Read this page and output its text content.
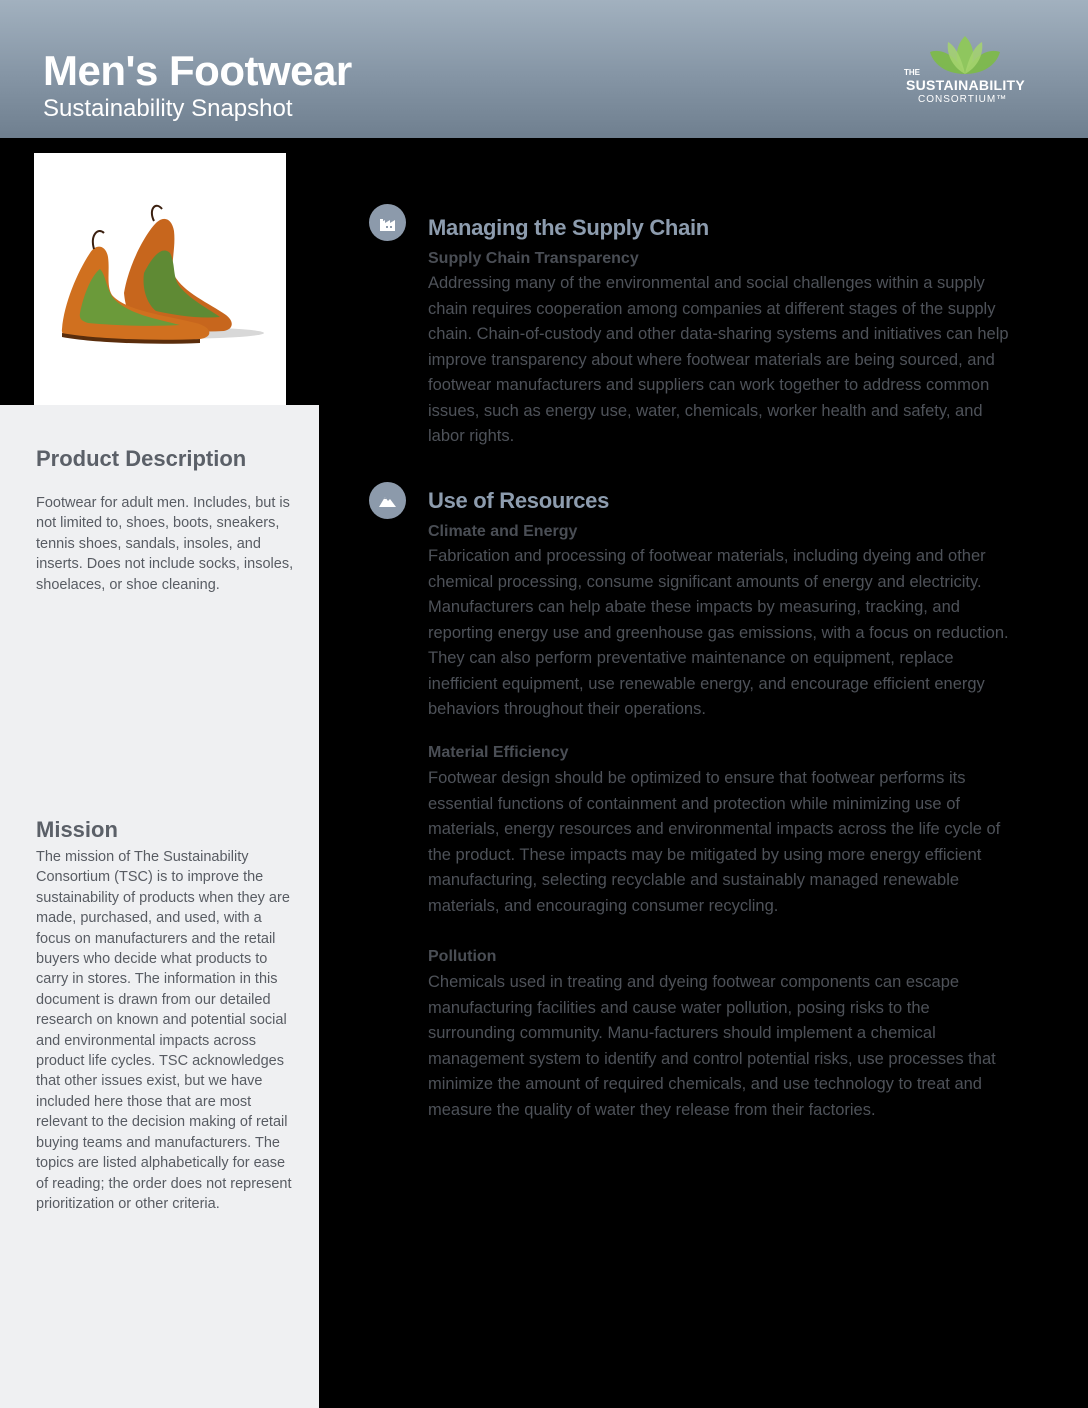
Men's Footwear
Sustainability Snapshot
THE
SUSTAINABILITY
CONSORTIUM™
Product Description

Footwear for adult men. Includes, but is not limited to, shoes, boots, sneakers, tennis shoes, sandals, insoles, and inserts. Does not include socks, insoles, shoelaces, or shoe cleaning.

Mission

The mission of The Sustainability Consortium (TSC) is to improve the sustainability of products when they are made, purchased, and used, with a focus on manufacturers and the retail buyers who decide what products to carry in stores. The information in this document is drawn from our detailed research on known and potential social and environmental impacts across product life cycles. TSC acknowledges that other issues exist, but we have included here those that are most relevant to the decision making of retail buying teams and manufacturers. The topics are listed alphabetically for ease of reading; the order does not represent prioritization or other criteria.

Managing the Supply Chain
Supply Chain Transparency

Addressing many of the environmental and social challenges within a supply chain requires cooperation among companies at different stages of the supply chain. Chain-of-custody and other data-sharing systems and initiatives can help improve transparency about where footwear materials are being sourced, and footwear manufacturers and suppliers can work together to address common issues, such as energy use, water, chemicals, worker health and safety, and labor rights.

Use of Resources
Climate and Energy

Fabrication and processing of footwear materials, including dyeing and other chemical processing, consume significant amounts of energy and electricity. Manufacturers can help abate these impacts by measuring, tracking, and reporting energy use and greenhouse gas emissions, with a focus on reduction. They can also perform preventative maintenance on equipment, replace inefficient equipment, use renewable energy, and encourage efficient energy behaviors throughout their operations.

Material Efficiency

Footwear design should be optimized to ensure that footwear performs its essential functions of containment and protection while minimizing use of materials, energy resources and environmental impacts across the life cycle of the product. These impacts may be mitigated by using more energy efficient manufacturing, selecting recyclable and sustainably managed renewable materials, and encouraging consumer recycling.

Pollution

Chemicals used in treating and dyeing footwear components can escape manufacturing facilities and cause water pollution, posing risks to the surrounding community. Manu-facturers should implement a chemical management system to identify and control potential risks, use processes that minimize the amount of required chemicals, and use technology to treat and measure the quality of water they release from their factories.
